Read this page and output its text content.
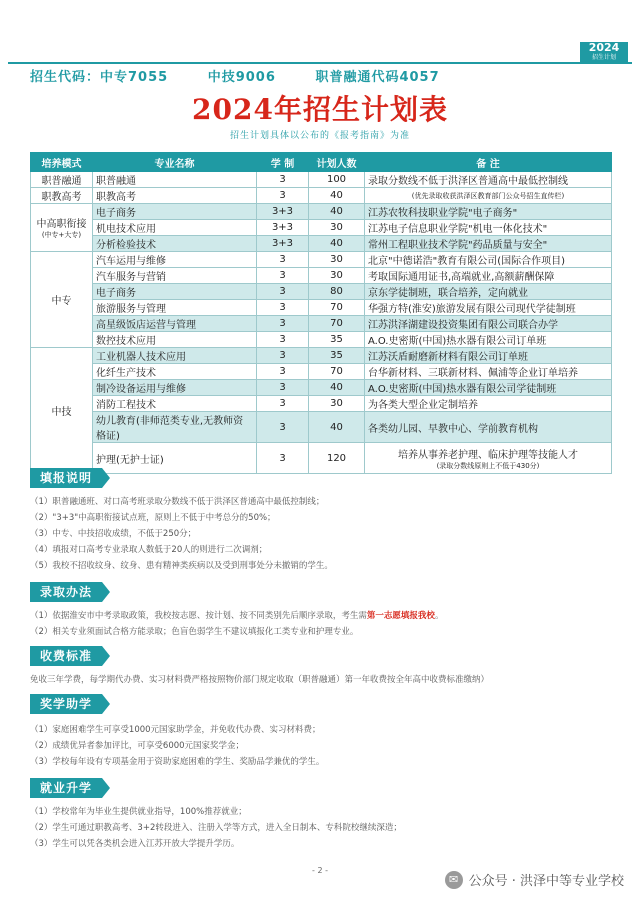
2024
招生计划
招生代码：中专7055	中技9006	职普融通代码4057
2024年招生计划表
招生计划具体以公布的《报考指南》为准
培养模式	专业名称	学 制	计划人数	备 注
职普融通	职普融通	3	100	录取分数线不低于洪泽区普通高中最低控制线
职教高考	职教高考	3	40	(优先录取收获洪泽区教育部门公众号招生直传栏)

中高职衔接
(中专+大专)	电子商务	3+3	40	江苏农牧科技职业学院"电子商务"
	机电技术应用	3+3	30	江苏电子信息职业学院"机电一体化技术"
	分析检验技术	3+3	40	常州工程职业技术学院"药品质量与安全"
中专	汽车运用与维修	3	30	北京"中德诺浩"教育有限公司(国际合作项目)
	汽车服务与营销	3	30	考取国际通用证书,高端就业,高额薪酬保障
	电子商务	3	80	京东学徒制班，联合培养，定向就业
	旅游服务与管理	3	70	华强方特(淮安)旅游发展有限公司现代学徒制班
	高星级饭店运营与管理	3	70	江苏洪泽湖建设投资集团有限公司联合办学
	数控技术应用	3	35	A.O.史密斯(中国)热水器有限公司订单班
中技	工业机器人技术应用	3	35	江苏沃盾耐磨新材料有限公司订单班
	化纤生产技术	3	70	台华新材料、三联新材料、佩浦等企业订单培养
	制冷设备运用与维修	3	40	A.O.史密斯(中国)热水器有限公司学徒制班
	消防工程技术	3	30	为各类大型企业定制培养
	幼儿教育(非师范类专业,无教师资格证)	3	40	各类幼儿园、早教中心、学前教育机构
	护理(无护士证)	3	120	培养从事养老护理、临床护理等技能人才
(录取分数线原则上不低于430分)
填报说明
（1）职普融通班、对口高考班录取分数线不低于洪泽区普通高中最低控制线；
（2）"3+3"中高职衔接试点班，原则上不低于中考总分的50%；
（3）中专、中技招收成绩，不低于250分；
（4）填报对口高考专业录取人数低于20人的则进行二次调剂；
（5）我校不招收纹身、纹身、患有精神类疾病以及受到刑事处分未撤销的学生。
录取办法
（1）依据淮安市中考录取政策，我校按志愿、按计划、按不同类别先后顺序录取，考生需第一志愿填报我校。
（2）相关专业须面试合格方能录取；色盲色弱学生不建议填报化工类专业和护理专业。
收费标准
免收三年学费，每学期代办费、实习材料费严格按照物价部门规定收取（职普融通）第一年收费按全年高中收费标准缴纳）
奖学助学
（1）家庭困难学生可享受1000元国家助学金，并免收代办费、实习材料费；
（2）成绩优异者参加评比，可享受6000元国家奖学金；
（3）学校每年设有专项基金用于资助家庭困难的学生、奖励品学兼优的学生。
就业升学
（1）学校常年为毕业生提供就业指导，100%推荐就业；
（2）学生可通过职教高考、3+2转段进入、注册入学等方式，进入全日制本、专科院校继续深造；
（3）学生可以凭各类机会进入江苏开放大学提升学历。
- 2 -
✉ 公众号 · 洪泽中等专业学校
